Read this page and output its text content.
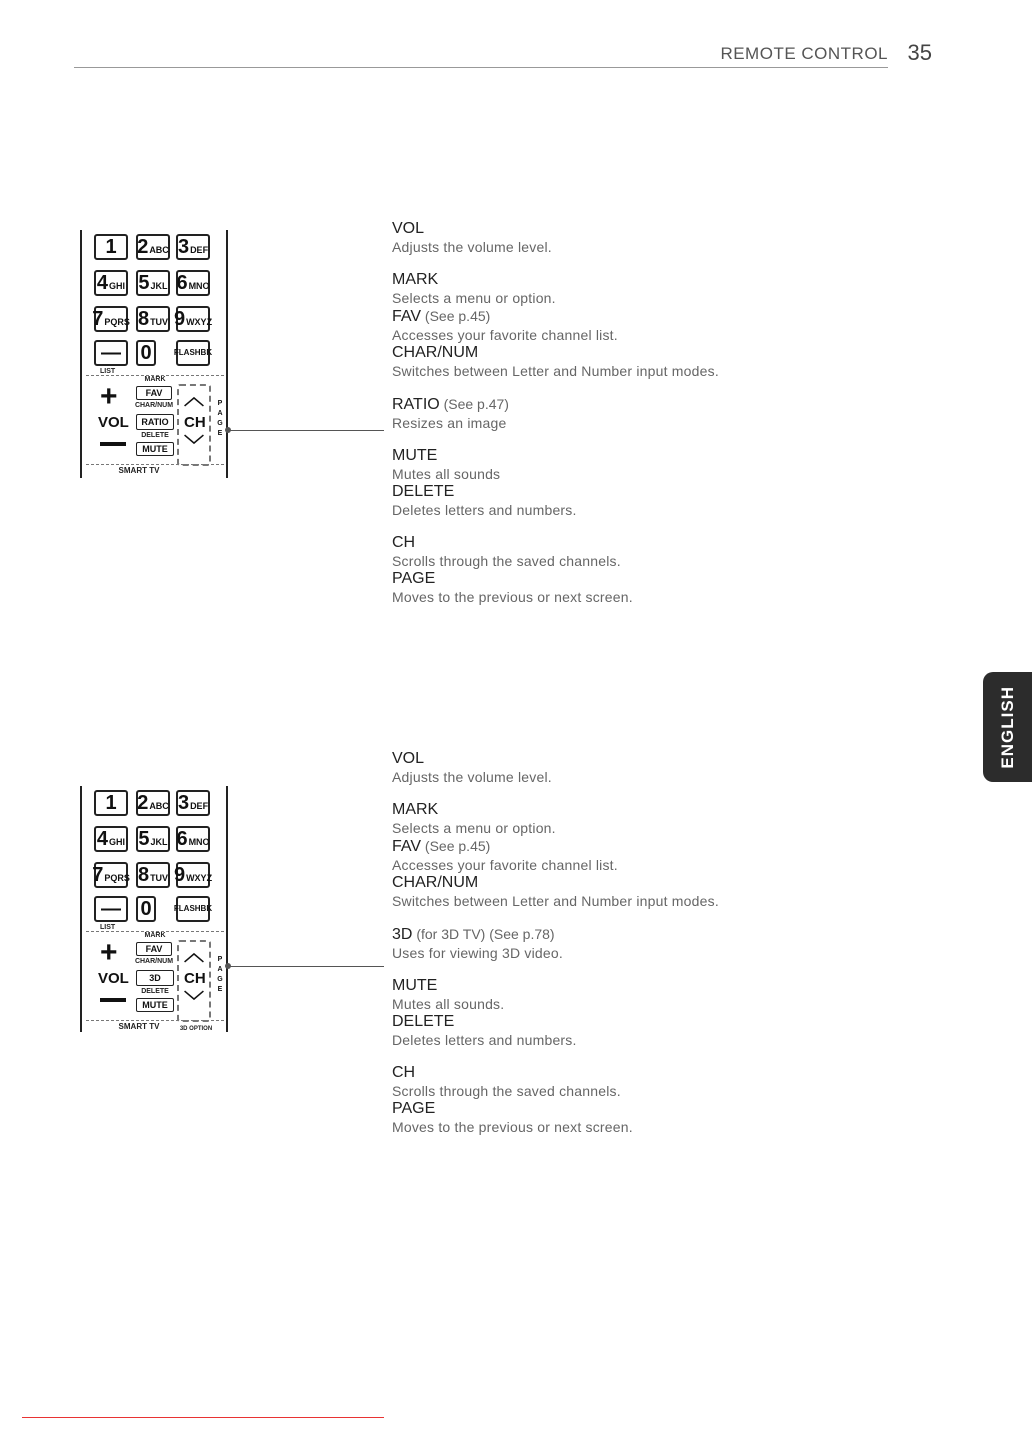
REMOTE CONTROL 35
1 2 ABC 3 DEF
4 GHI 5 JKL 6 MNO
7 PQRS 8 TUV 9 WXYZ
— 0	FLASHBK
LIST
MARK
+
VOL
FAV
CHAR/NUM
RATIO
DELETE
MUTE
︿
CH
﹀
P
A
G
E
SMART TV
1 2 ABC 3 DEF
4 GHI 5 JKL 6 MNO
7 PQRS 8 TUV 9 WXYZ
— 0	FLASHBK
LIST
MARK
+
VOL
FAV
CHAR/NUM
3D
DELETE
MUTE
︿
CH
﹀
P
A
G
E
SMART TV	3D OPTION

VOL

Adjusts the volume level.

MARK

Selects a menu or option.

FAV (See p.45)

Accesses your favorite channel list.

CHAR/NUM

Switches between Letter and Number input modes.

RATIO (See p.47)

Resizes an image

MUTE

Mutes all sounds

DELETE

Deletes letters and numbers.

CH

Scrolls through the saved channels.

PAGE

Moves to the previous or next screen.

VOL

Adjusts the volume level.

MARK

Selects a menu or option.

FAV (See p.45)

Accesses your favorite channel list.

CHAR/NUM

Switches between Letter and Number input modes.

3D (for 3D TV) (See p.78)

Uses for viewing 3D video.

MUTE

Mutes all sounds.

DELETE

Deletes letters and numbers.

CH

Scrolls through the saved channels.

PAGE

Moves to the previous or next screen.

ENGLISH
